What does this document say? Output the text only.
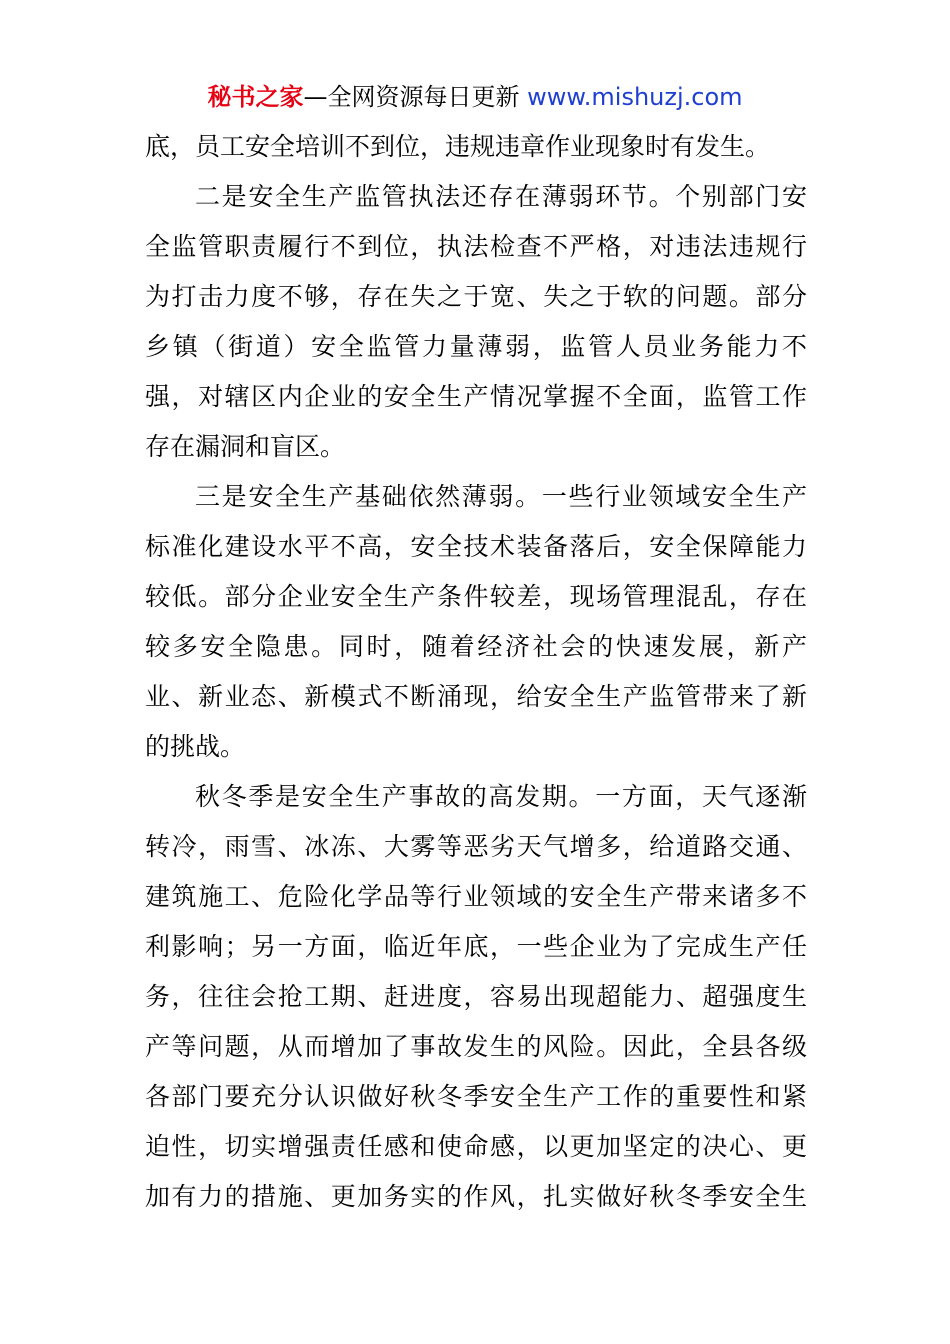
秘书之家—全网资源每日更新 www.mishuzj.com
底，员工安全培训不到位，违规违章作业现象时有发生。
二是安全生产监管执法还存在薄弱环节。个别部门安
全监管职责履行不到位，执法检查不严格，对违法违规行
为打击力度不够，存在失之于宽、失之于软的问题。部分
乡镇（街道）安全监管力量薄弱，监管人员业务能力不
强，对辖区内企业的安全生产情况掌握不全面，监管工作
存在漏洞和盲区。
三是安全生产基础依然薄弱。一些行业领域安全生产
标准化建设水平不高，安全技术装备落后，安全保障能力
较低。部分企业安全生产条件较差，现场管理混乱，存在
较多安全隐患。同时，随着经济社会的快速发展，新产
业、新业态、新模式不断涌现，给安全生产监管带来了新
的挑战。
秋冬季是安全生产事故的高发期。一方面，天气逐渐
转冷，雨雪、冰冻、大雾等恶劣天气增多，给道路交通、
建筑施工、危险化学品等行业领域的安全生产带来诸多不
利影响；另一方面，临近年底，一些企业为了完成生产任
务，往往会抢工期、赶进度，容易出现超能力、超强度生
产等问题，从而增加了事故发生的风险。因此，全县各级
各部门要充分认识做好秋冬季安全生产工作的重要性和紧
迫性，切实增强责任感和使命感，以更加坚定的决心、更
加有力的措施、更加务实的作风，扎实做好秋冬季安全生
